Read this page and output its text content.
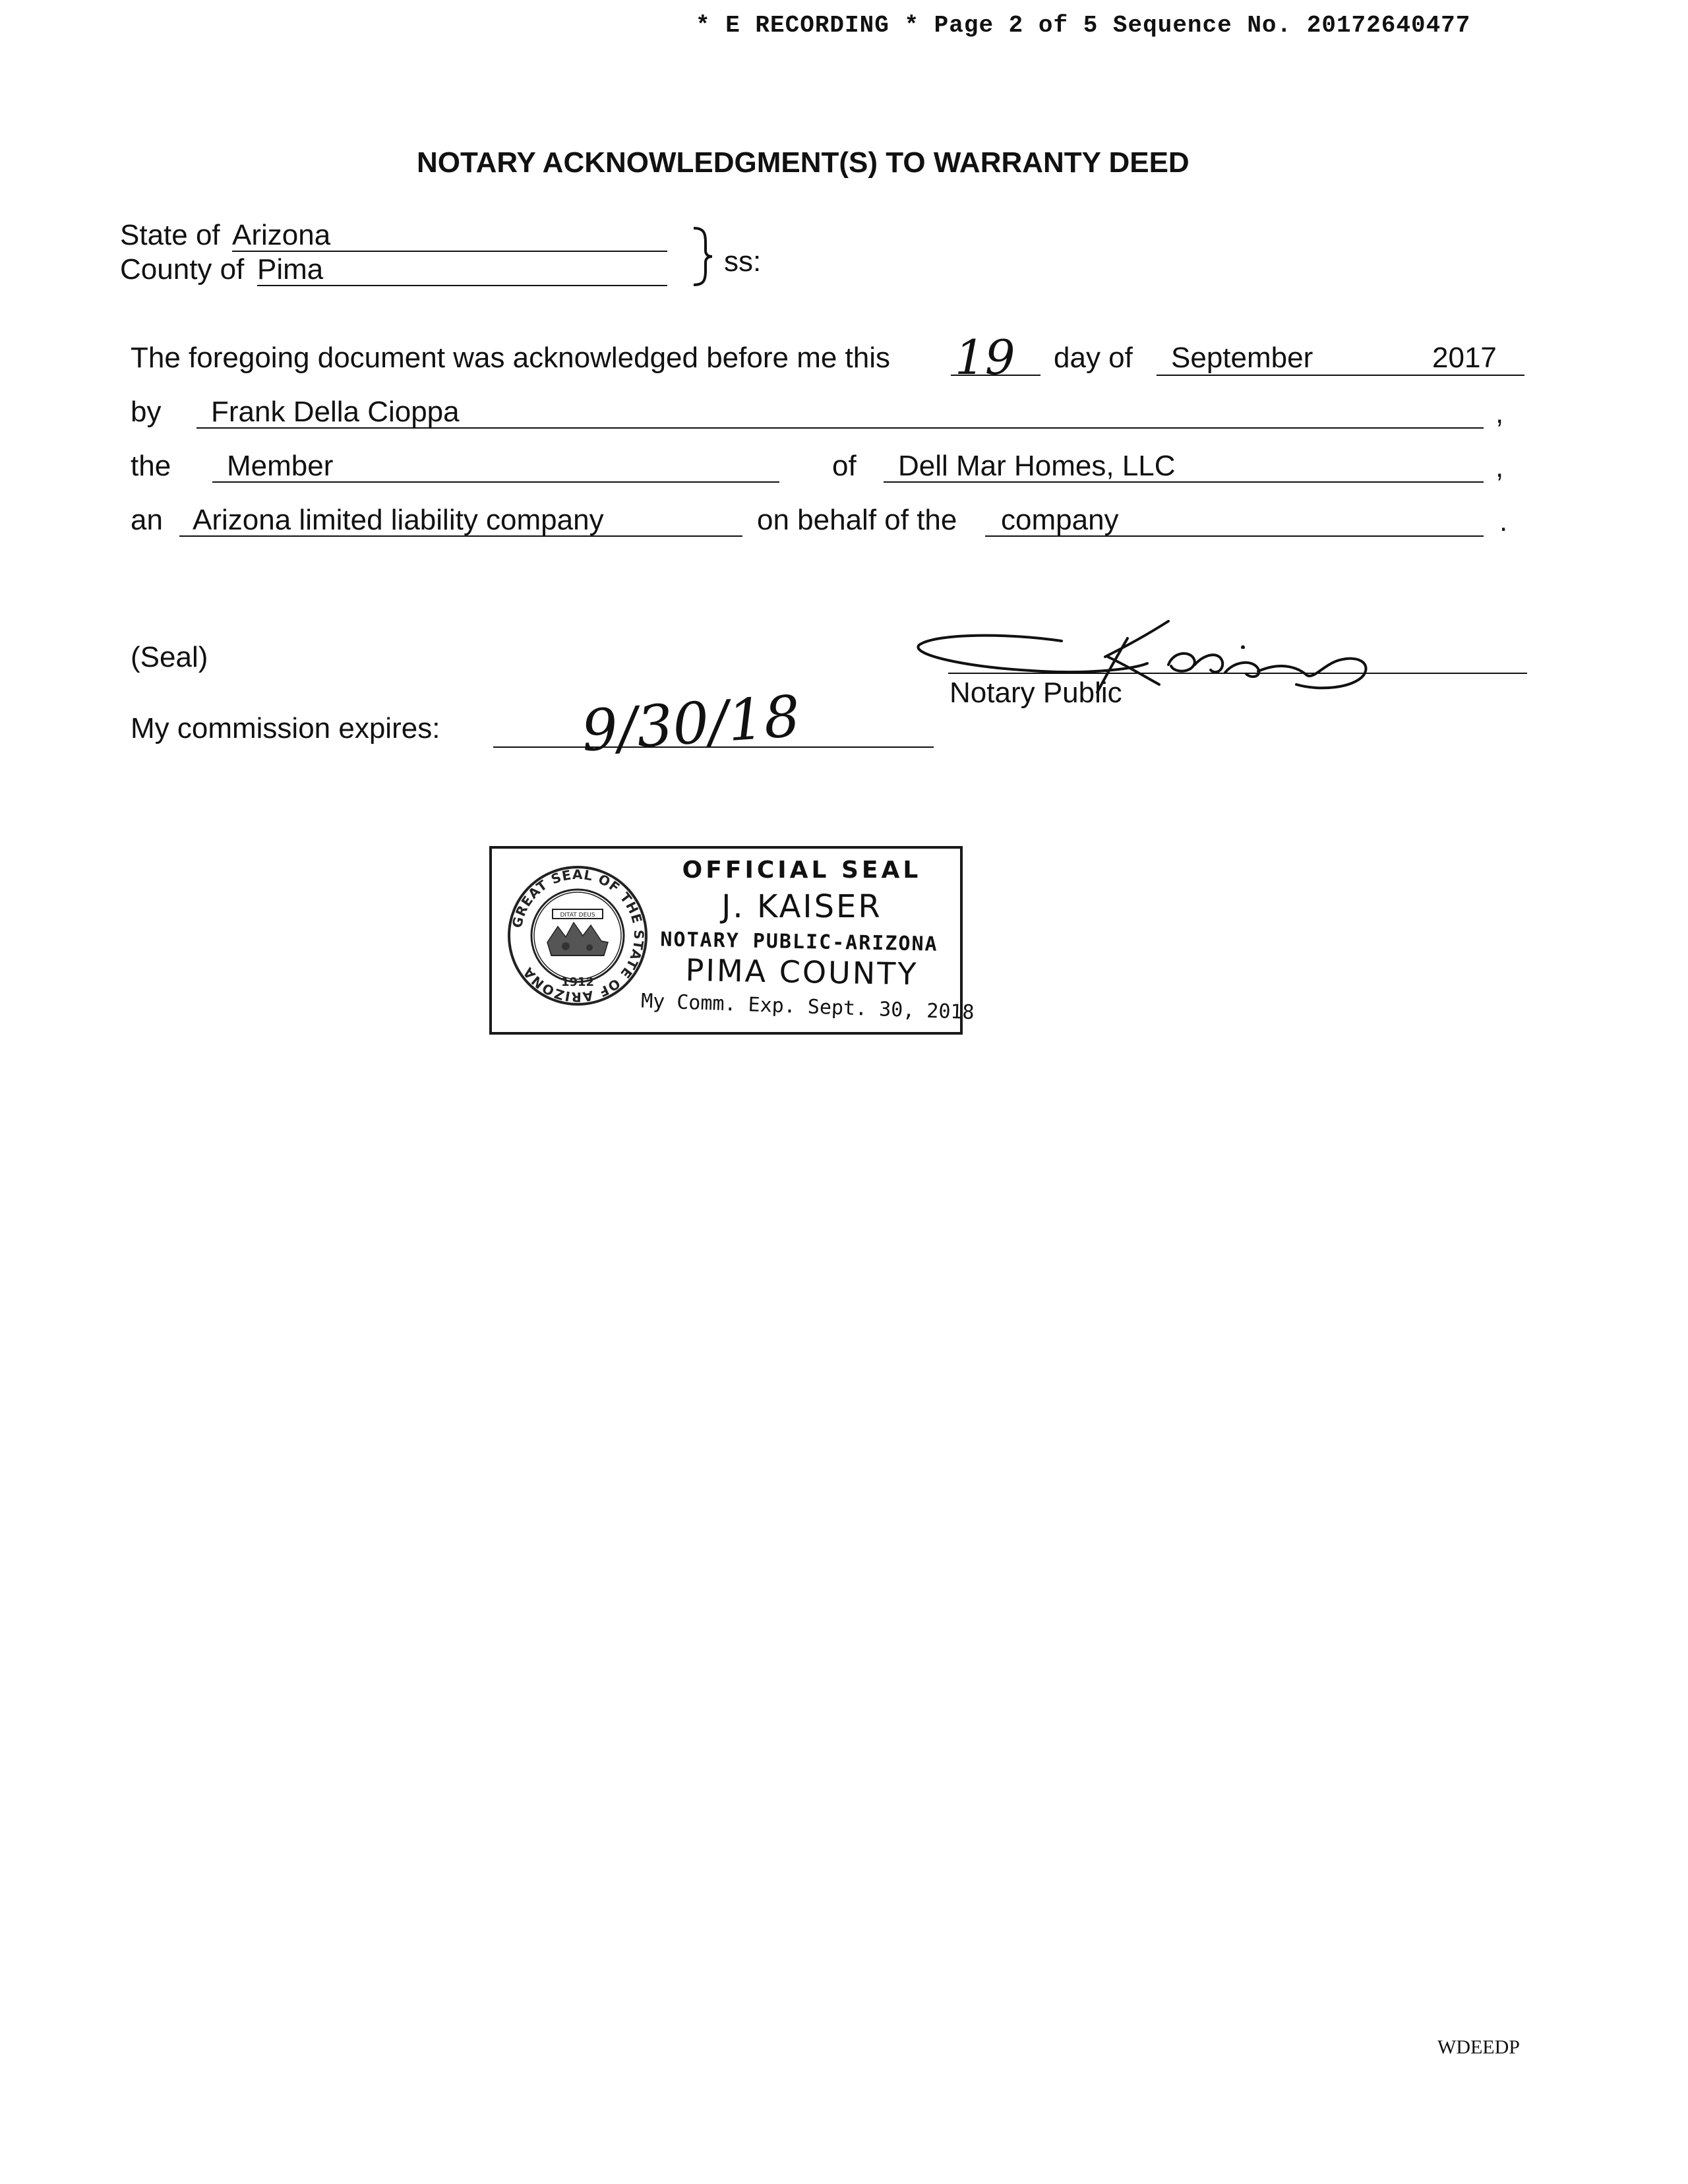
* E RECORDING * Page 2 of 5 Sequence No. 20172640477
NOTARY ACKNOWLEDGMENT(S) TO WARRANTY DEED
State of Arizona
County of Pima	ss:
The foregoing document was acknowledged before me this 19 day of September	2017
by Frank Della Cioppa	,
the Member	of Dell Mar Homes, LLC	,
an Arizona limited liability company	on behalf of the company	.
(Seal)
Notary Public
My commission expires: 9/30/18
GREAT SEAL OF THE STATE OF ARIZONA
DITAT DEUS
1912
OFFICIAL SEAL
J. KAISER
NOTARY PUBLIC-ARIZONA
PIMA COUNTY
My Comm. Exp. Sept. 30, 2018
WDEEDP
